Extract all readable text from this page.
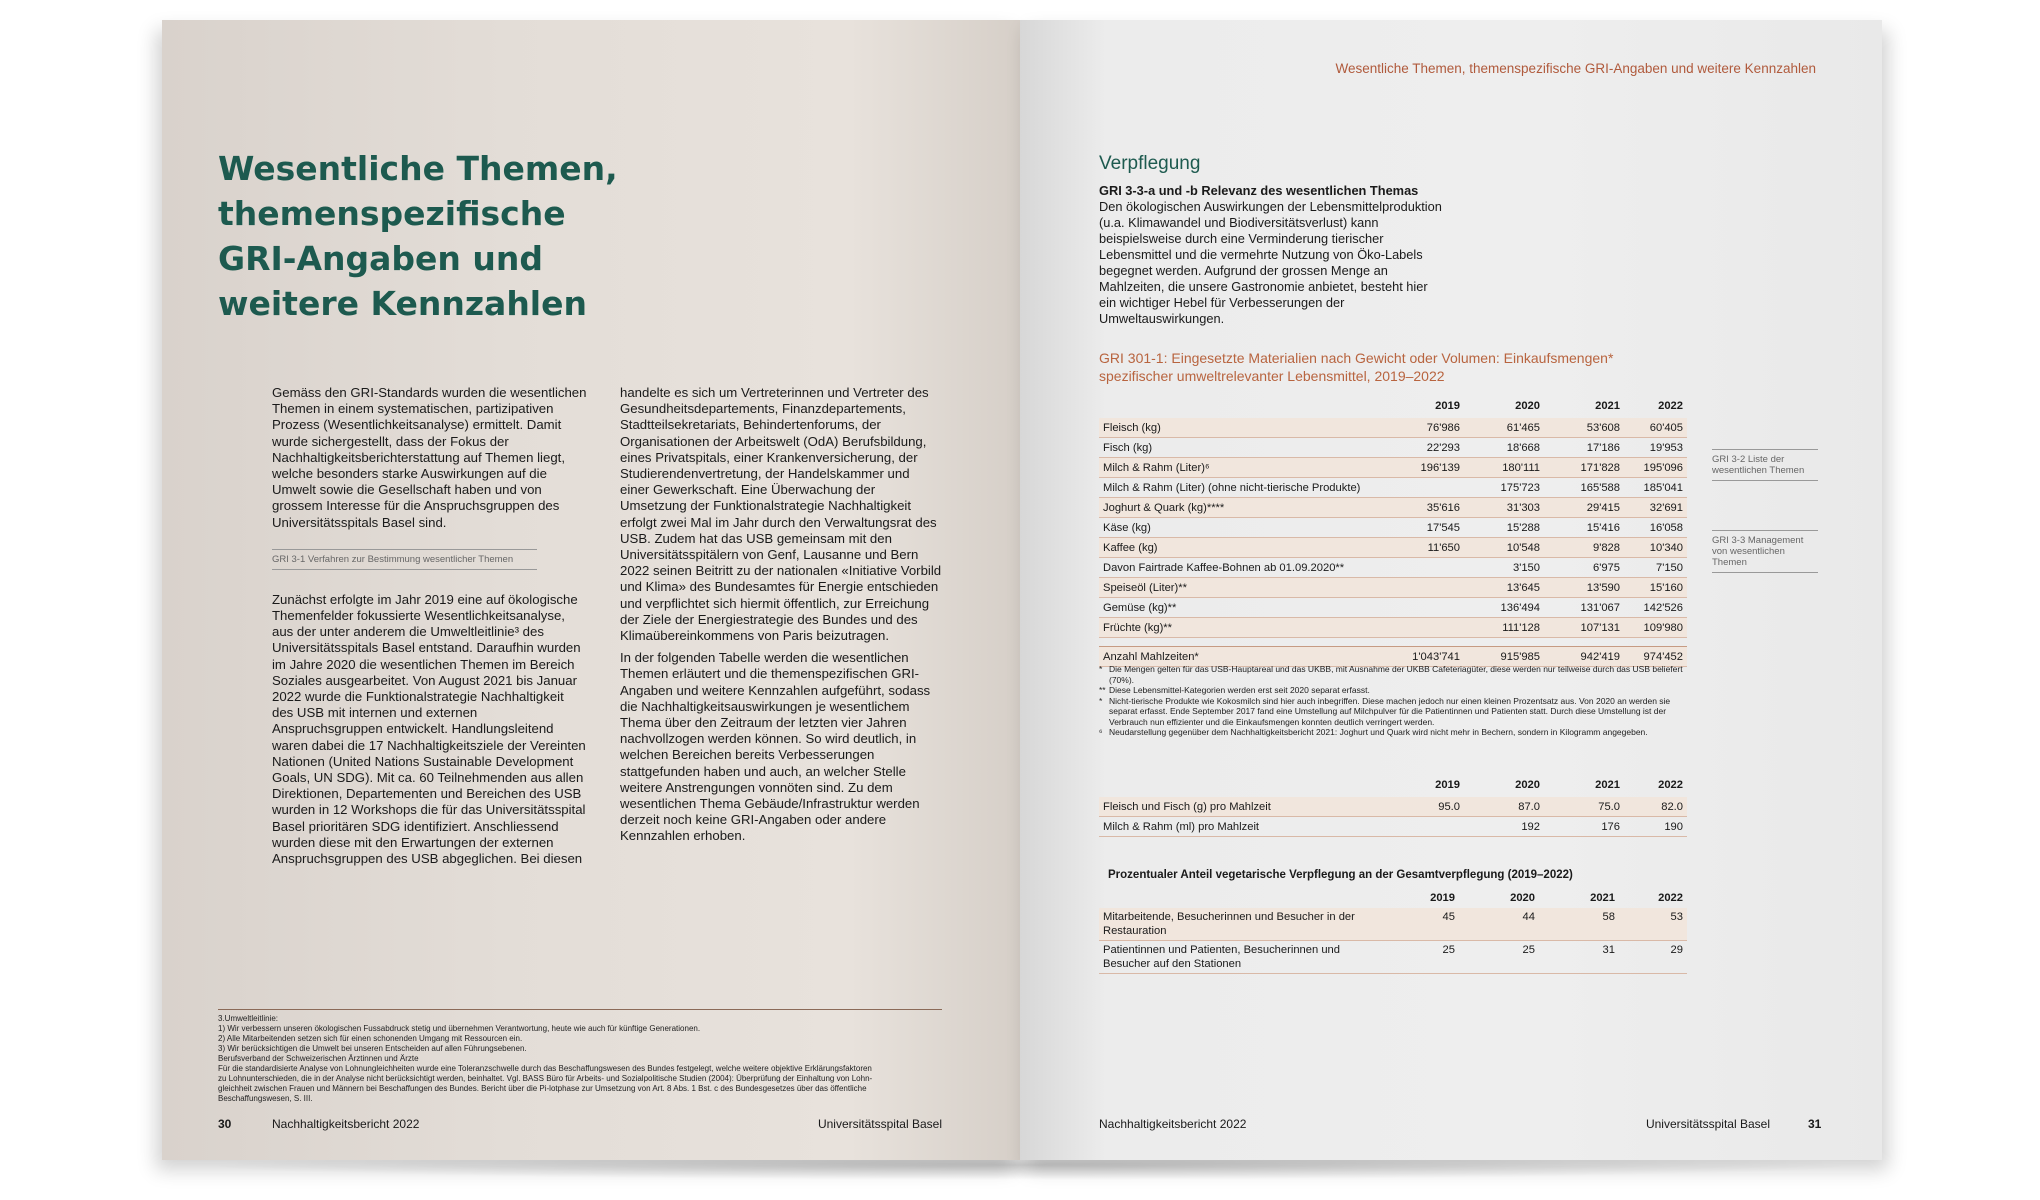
Wesentliche Themen, themenspezifische GRI-Angaben und weitere Kennzahlen

Gemäss den GRI-Standards wurden die wesentlichen Themen in einem systematischen, partizipativen Prozess (Wesentlichkeitsanalyse) ermittelt. Damit wurde sichergestellt, dass der Fokus der Nachhaltigkeitsberichterstattung auf Themen liegt, welche besonders starke Auswirkungen auf die Umwelt sowie die Gesellschaft haben und von grossem Interesse für die Anspruchsgruppen des Universitätsspitals Basel sind.

GRI 3-1 Verfahren zur Bestimmung wesentlicher Themen

Zunächst erfolgte im Jahr 2019 eine auf ökologische Themenfelder fokussierte Wesentlichkeitsanalyse, aus der unter anderem die Umweltleitlinie³ des Universitätsspitals Basel entstand. Daraufhin wurden im Jahre 2020 die wesentlichen Themen im Bereich Soziales ausgearbeitet. Von August 2021 bis Januar 2022 wurde die Funktionalstrategie Nachhaltigkeit des USB mit internen und externen Anspruchsgruppen entwickelt. Handlungsleitend waren dabei die 17 Nachhaltigkeitsziele der Vereinten Nationen (United Nations Sustainable Development Goals, UN SDG). Mit ca. 60 Teilnehmenden aus allen Direktionen, Departementen und Bereichen des USB wurden in 12 Workshops die für das Universitätsspital Basel prioritären SDG identifiziert. Anschliessend wurden diese mit den Erwartungen der externen Anspruchsgruppen des USB abgeglichen. Bei diesen

handelte es sich um Vertreterinnen und Vertreter des Gesundheitsdepartements, Finanzdepartements, Stadtteilsekretariats, Behindertenforums, der Organisationen der Arbeitswelt (OdA) Berufsbildung, eines Privatspitals, einer Krankenversicherung, der Studierendenvertretung, der Handelskammer und einer Gewerkschaft. Eine Überwachung der Umsetzung der Funktionalstrategie Nachhaltigkeit erfolgt zwei Mal im Jahr durch den Verwaltungsrat des USB. Zudem hat das USB gemeinsam mit den Universitätsspitälern von Genf, Lausanne und Bern 2022 seinen Beitritt zu der nationalen «Initiative Vorbild und Klima» des Bundesamtes für Energie entschieden und verpflichtet sich hiermit öffentlich, zur Erreichung der Ziele der Energiestrategie des Bundes und des Klimaübereinkommens von Paris beizutragen.

In der folgenden Tabelle werden die wesentlichen Themen erläutert und die themenspezifischen GRI-Angaben und weitere Kennzahlen aufgeführt, sodass die Nachhaltigkeitsauswirkungen je wesentlichem Thema über den Zeitraum der letzten vier Jahren nachvollzogen werden können. So wird deutlich, in welchen Bereichen bereits Verbesserungen stattgefunden haben und auch, an welcher Stelle weitere Anstrengungen vonnöten sind. Zu dem wesentlichen Thema Gebäude/Infrastruktur werden derzeit noch keine GRI-Angaben oder andere Kennzahlen erhoben.

3.Umweltleitlinie:
1) Wir verbessern unseren ökologischen Fussabdruck stetig und übernehmen Verantwortung, heute wie auch für künftige Generationen.
2) Alle Mitarbeitenden setzen sich für einen schonenden Umgang mit Ressourcen ein.
3) Wir berücksichtigen die Umwelt bei unseren Entscheiden auf allen Führungsebenen.
Berufsverband der Schweizerischen Ärztinnen und Ärzte
Für die standardisierte Analyse von Lohnungleichheiten wurde eine Toleranzschwelle durch das Beschaffungswesen des Bundes festgelegt, welche weitere objektive Erklärungsfaktoren
zu Lohnunterschieden, die in der Analyse nicht berücksichtigt werden, beinhaltet. Vgl. BASS Büro für Arbeits- und Sozialpolitische Studien (2004): Überprüfung der Einhaltung von Lohn-
gleichheit zwischen Frauen und Männern bei Beschaffungen des Bundes. Bericht über die Pi-lotphase zur Umsetzung von Art. 8 Abs. 1 Bst. c des Bundesgesetzes über das öffentliche
Beschaffungswesen, S. III.
30	Nachhaltigkeitsbericht 2022	Universitätsspital Basel
Wesentliche Themen, themenspezifische GRI-Angaben und weitere Kennzahlen
Verpflegung
GRI 3-3-a und -b Relevanz des wesentlichen Themas
Den ökologischen Auswirkungen der Lebensmittelproduktion (u.a. Klimawandel und Biodiversitätsverlust) kann beispielsweise durch eine Verminderung tierischer Lebensmittel und die vermehrte Nutzung von Öko-Labels begegnet werden. Aufgrund der grossen Menge an Mahlzeiten, die unsere Gastronomie anbietet, besteht hier ein wichtiger Hebel für Verbesserungen der Umweltauswirkungen.
GRI 301-1: Eingesetzte Materialien nach Gewicht oder Volumen: Einkaufsmengen* spezifischer umweltrelevanter Lebensmittel, 2019–2022
	2019	2020	2021	2022
Fleisch (kg)	76'986	61'465	53'608	60'405
Fisch (kg)	22'293	18'668	17'186	19'953
Milch & Rahm (Liter)⁶	196'139	180'111	171'828	195'096
Milch & Rahm (Liter) (ohne nicht-tierische Produkte)		175'723	165'588	185'041
Joghurt & Quark (kg)****	35'616	31'303	29'415	32'691
Käse (kg)	17'545	15'288	15'416	16'058
Kaffee (kg)	11'650	10'548	9'828	10'340
Davon Fairtrade Kaffee-Bohnen ab 01.09.2020**		3'150	6'975	7'150
Speiseöl (Liter)**		13'645	13'590	15'160
Gemüse (kg)**		136'494	131'067	142'526
Früchte (kg)**		111'128	107'131	109'980

Anzahl Mahlzeiten*	1'043'741	915'985	942'419	974'452
* Die Mengen gelten für das USB-Hauptareal und das UKBB, mit Ausnahme der UKBB Cafeteriagüter, diese werden nur teilweise durch das USB beliefert (70%).
** Diese Lebensmittel-Kategorien werden erst seit 2020 separat erfasst.
* Nicht-tierische Produkte wie Kokosmilch sind hier auch inbegriffen. Diese machen jedoch nur einen kleinen Prozentsatz aus. Von 2020 an werden sie separat erfasst. Ende September 2017 fand eine Umstellung auf Milchpulver für die Patientinnen und Patienten statt. Durch diese Umstellung ist der Verbrauch nun effizienter und die Einkaufsmengen konnten deutlich verringert werden.
⁶ Neudarstellung gegenüber dem Nachhaltigkeitsbericht 2021: Joghurt und Quark wird nicht mehr in Bechern, sondern in Kilogramm angegeben.
	2019	2020	2021	2022
Fleisch und Fisch (g) pro Mahlzeit	95.0	87.0	75.0	82.0
Milch & Rahm (ml) pro Mahlzeit		192	176	190
Prozentualer Anteil vegetarische Verpflegung an der Gesamtverpflegung (2019–2022)
	2019	2020	2021	2022
Mitarbeitende, Besucherinnen und Besucher in der Restauration	45	44	58	53
Patientinnen und Patienten, Besucherinnen und Besucher auf den Stationen	25	25	31	29
GRI 3-2 Liste der wesentlichen Themen
GRI 3-3 Management von wesentlichen Themen
Nachhaltigkeitsbericht 2022	Universitätsspital Basel	31
